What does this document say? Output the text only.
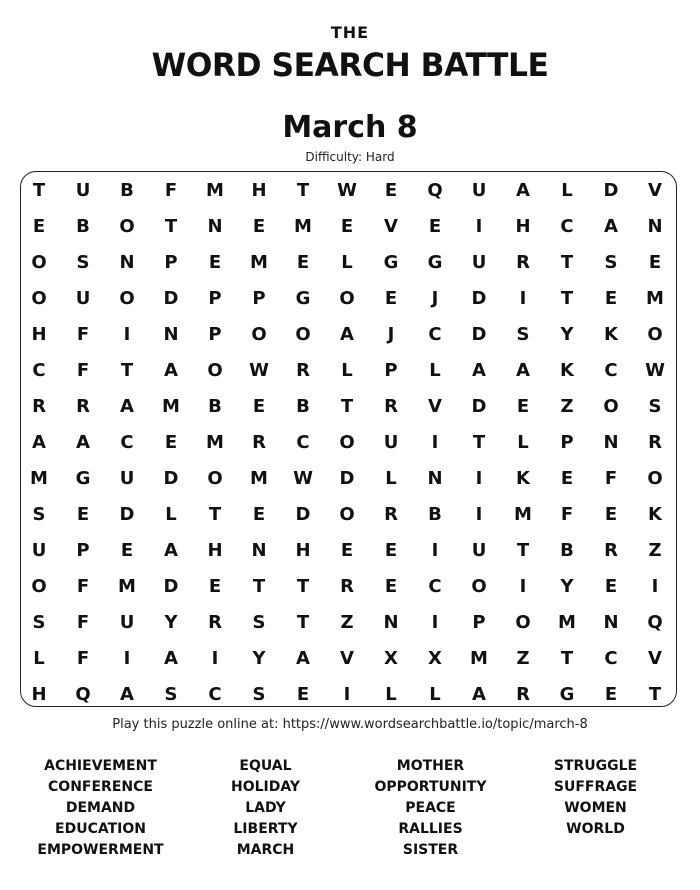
THE
WORD SEARCH BATTLE
March 8
Difficulty: Hard
T	U	B	F	M	H	T	W	E	Q	U	A	L	D	V
E	B	O	T	N	E	M	E	V	E	I	H	C	A	N
O	S	N	P	E	M	E	L	G	G	U	R	T	S	E
O	U	O	D	P	P	G	O	E	J	D	I	T	E	M
H	F	I	N	P	O	O	A	J	C	D	S	Y	K	O
C	F	T	A	O	W	R	L	P	L	A	A	K	C	W
R	R	A	M	B	E	B	T	R	V	D	E	Z	O	S
A	A	C	E	M	R	C	O	U	I	T	L	P	N	R
M	G	U	D	O	M	W	D	L	N	I	K	E	F	O
S	E	D	L	T	E	D	O	R	B	I	M	F	E	K
U	P	E	A	H	N	H	E	E	I	U	T	B	R	Z
O	F	M	D	E	T	T	R	E	C	O	I	Y	E	I
S	F	U	Y	R	S	T	Z	N	I	P	O	M	N	Q
L	F	I	A	I	Y	A	V	X	X	M	Z	T	C	V
H	Q	A	S	C	S	E	I	L	L	A	R	G	E	T
Play this puzzle online at: https://www.wordsearchbattle.io/topic/march-8
ACHIEVEMENT
CONFERENCE
DEMAND
EDUCATION
EMPOWERMENT
EQUAL
HOLIDAY
LADY
LIBERTY
MARCH
MOTHER
OPPORTUNITY
PEACE
RALLIES
SISTER
STRUGGLE
SUFFRAGE
WOMEN
WORLD
